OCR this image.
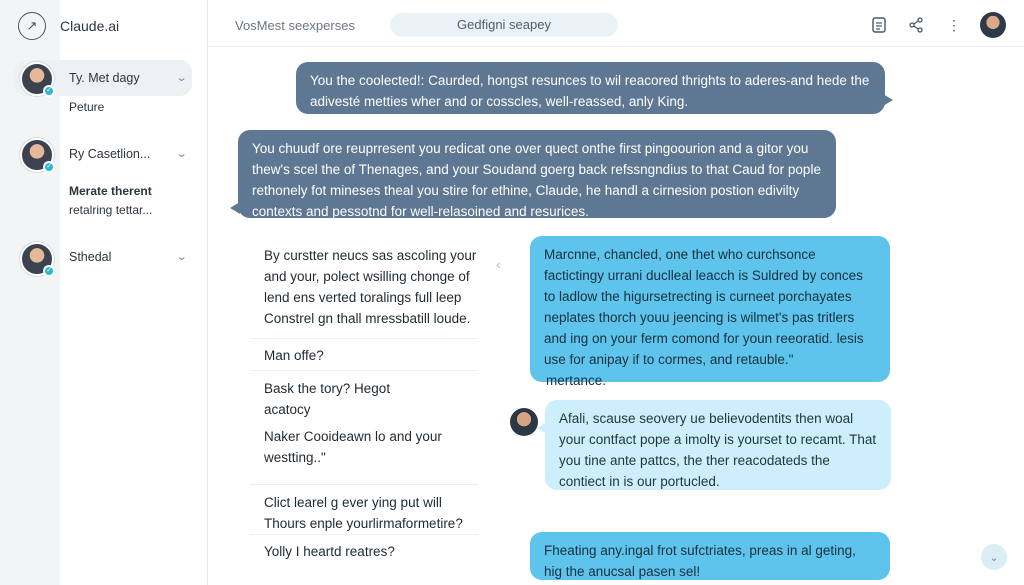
↗	Claude.ai
✓
Ty. Met dagy	⌄
Peture
✓
Ry Casetlion... ⌄
Merate therent
retalring tettar...
✓
Sthedal	⌄
VosMest seexperses	Gedfigni seapey	⋮
You the coolected!: Caurded, hongst resunces to wil reacored thrights to aderes-and hede the adivesté metties wher and or cosscles, well-reassed, anly King.
You chuudf ore reuprresent you redicat one over quect onthe first pingoourion and a gitor you thew's scel the of Thenages, and your Soudand goerg back refssngndius to that Caud for pople rethonely fot mineses theal you stire for ethine, Claude, he handl a cirnesion postion edivilty contexts and pessotnd for well-relasoined and resurices.
By curstter neucs sas ascoling your and your, polect wsilling chonge of lend ens verted toralings full leep Constrel gn thall mressbatill loude.
Man offe?
Bask the tory? Hegot acatocy
Naker Cooideawn lo and your westting.."
Clict learel g ever ying put will Thours enple yourlirmaformetire?
Yolly I heartd reatres?
‹
Marcnne, chancled, one thet who curchsonce factictingy urrani duclleal leacch is Suldred by conces to ladlow the higursetrecting is curneet porchayates neplates thorch youu jeencing is wilmet's pas tritlers and ing on your ferm comond for youn reeoratid. lesis use for anipay if to cormes, and retauble."
mertance.
Afali, scause seovery ue believodentits then woal your contfact pope a imolty is yourset to recamt. That you tine ante pattcs, the ther reacodateds the contiect in is our portucled.
Fheating any.ingal frot sufctriates, preas in al geting, hig the anucsal pasen sel!
⌄
